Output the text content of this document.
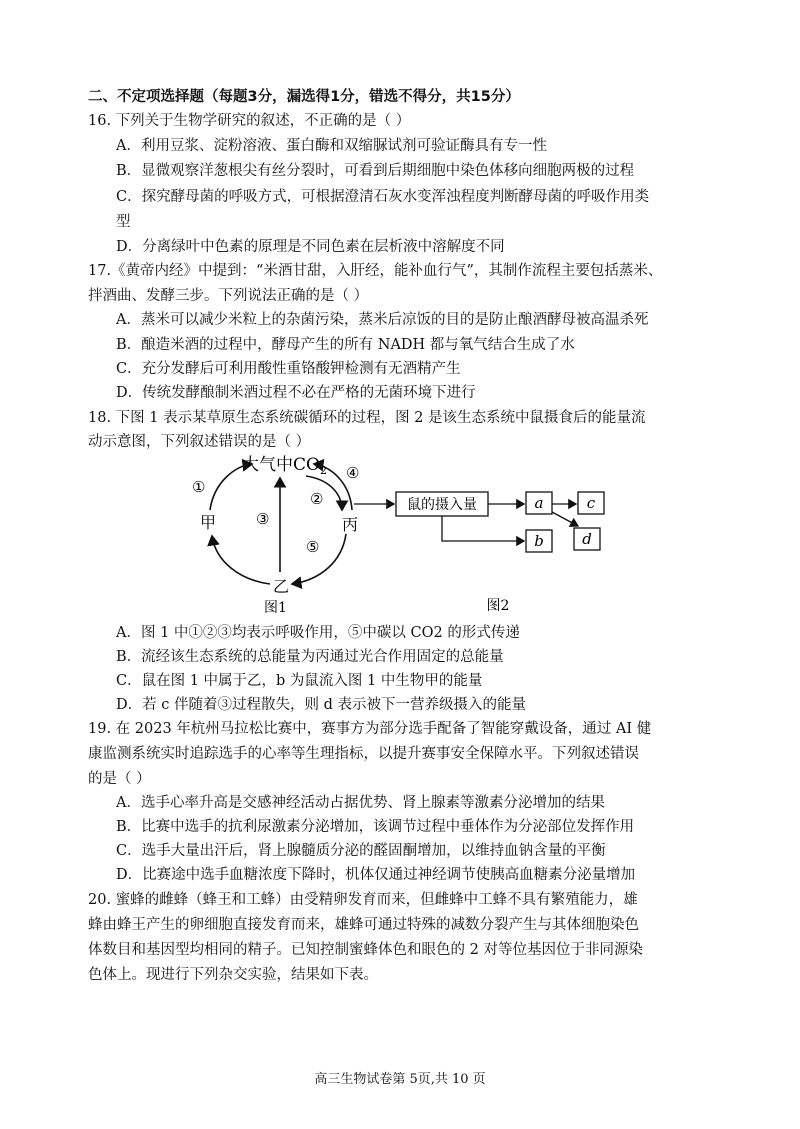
二、不定项选择题（每题3分，漏选得1分，错选不得分，共15分）
16. 下列关于生物学研究的叙述，不正确的是（ ）
A．利用豆浆、淀粉溶液、蛋白酶和双缩脲试剂可验证酶具有专一性
B．显微观察洋葱根尖有丝分裂时，可看到后期细胞中染色体移向细胞两极的过程
C．探究酵母菌的呼吸方式，可根据澄清石灰水变浑浊程度判断酵母菌的呼吸作用类
型
D．分离绿叶中色素的原理是不同色素在层析液中溶解度不同
17.《黄帝内经》中提到：“米酒甘甜，入肝经，能补血行气”，其制作流程主要包括蒸米、
拌酒曲、发酵三步。下列说法正确的是（ ）
A．蒸米可以减少米粒上的杂菌污染，蒸米后凉饭的目的是防止酿酒酵母被高温杀死
B．酿造米酒的过程中，酵母产生的所有 NADH 都与氧气结合生成了水
C．充分发酵后可利用酸性重铬酸钾检测有无酒精产生
D．传统发酵酿制米酒过程不必在严格的无菌环境下进行
18. 下图 1 表示某草原生态系统碳循环的过程，图 2 是该生态系统中鼠摄食后的能量流
动示意图，下列叙述错误的是（ ）
大气中$CO_2$
甲	丙
乙
①
②
③
④
⑤
图1
鼠的摄入量	a	c
b	d
图2
A．图 1 中①②③均表示呼吸作用，⑤中碳以 CO2 的形式传递
B．流经该生态系统的总能量为丙通过光合作用固定的总能量
C．鼠在图 1 中属于乙，b 为鼠流入图 1 中生物甲的能量
D．若 c 伴随着③过程散失，则 d 表示被下一营养级摄入的能量
19. 在 2023 年杭州马拉松比赛中，赛事方为部分选手配备了智能穿戴设备，通过 AI 健
康监测系统实时追踪选手的心率等生理指标，以提升赛事安全保障水平。下列叙述错误
的是（ ）
A．选手心率升高是交感神经活动占据优势、肾上腺素等激素分泌增加的结果
B．比赛中选手的抗利尿激素分泌增加，该调节过程中垂体作为分泌部位发挥作用
C．选手大量出汗后，肾上腺髓质分泌的醛固酮增加，以维持血钠含量的平衡
D．比赛途中选手血糖浓度下降时，机体仅通过神经调节使胰高血糖素分泌量增加
20. 蜜蜂的雌蜂（蜂王和工蜂）由受精卵发育而来，但雌蜂中工蜂不具有繁殖能力，雄
蜂由蜂王产生的卵细胞直接发育而来，雄蜂可通过特殊的减数分裂产生与其体细胞染色
体数目和基因型均相同的精子。已知控制蜜蜂体色和眼色的 2 对等位基因位于非同源染
色体上。现进行下列杂交实验，结果如下表。
高三生物试卷第 5页,共 10 页
